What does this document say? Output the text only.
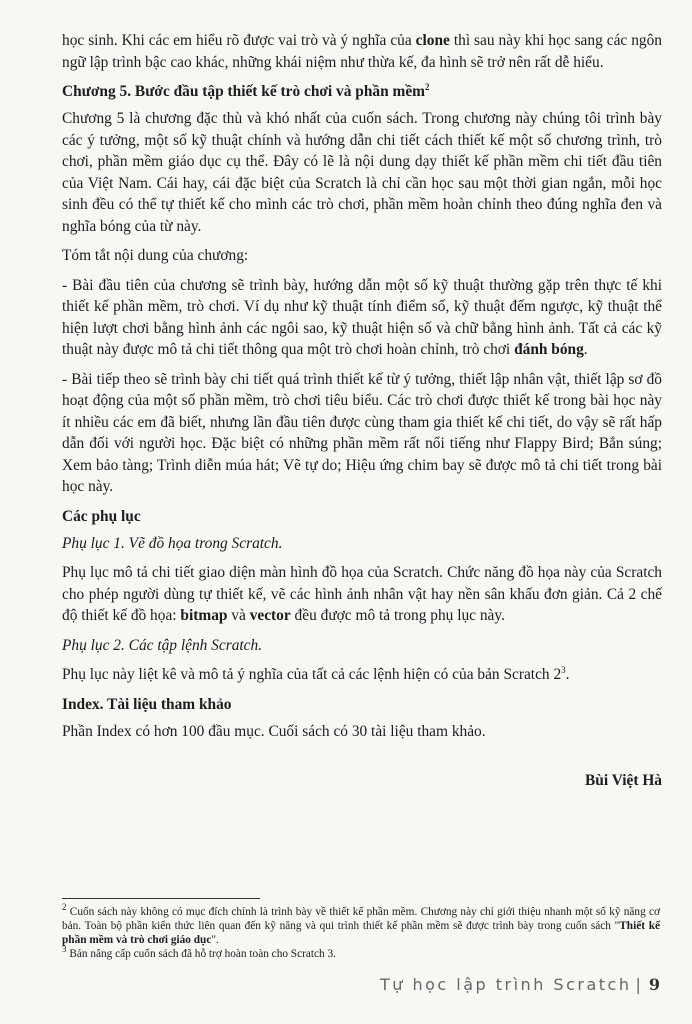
học sinh. Khi các em hiểu rõ được vai trò và ý nghĩa của clone thì sau này khi học sang các ngôn ngữ lập trình bậc cao khác, những khái niệm như thừa kế, đa hình sẽ trở nên rất dễ hiểu.

Chương 5. Bước đầu tập thiết kế trò chơi và phần mềm$^2$

Chương 5 là chương đặc thù và khó nhất của cuốn sách. Trong chương này chúng tôi trình bày các ý tưởng, một số kỹ thuật chính và hướng dẫn chi tiết cách thiết kế một số chương trình, trò chơi, phần mềm giáo dục cụ thể. Đây có lẽ là nội dung dạy thiết kế phần mềm chi tiết đầu tiên của Việt Nam. Cái hay, cái đặc biệt của Scratch là chỉ cần học sau một thời gian ngắn, mỗi học sinh đều có thể tự thiết kế cho mình các trò chơi, phần mềm hoàn chỉnh theo đúng nghĩa đen và nghĩa bóng của từ này.

Tóm tắt nội dung của chương:

- Bài đầu tiên của chương sẽ trình bày, hướng dẫn một số kỹ thuật thường gặp trên thực tế khi thiết kế phần mềm, trò chơi. Ví dụ như kỹ thuật tính điểm số, kỹ thuật đếm ngược, kỹ thuật thể hiện lượt chơi bằng hình ảnh các ngôi sao, kỹ thuật hiện số và chữ bằng hình ảnh. Tất cả các kỹ thuật này được mô tả chi tiết thông qua một trò chơi hoàn chỉnh, trò chơi đánh bóng.

- Bài tiếp theo sẽ trình bày chi tiết quá trình thiết kế từ ý tưởng, thiết lập nhân vật, thiết lập sơ đồ hoạt động của một số phần mềm, trò chơi tiêu biểu. Các trò chơi được thiết kế trong bài học này ít nhiều các em đã biết, nhưng lần đầu tiên được cùng tham gia thiết kế chi tiết, do vậy sẽ rất hấp dẫn đối với người học. Đặc biệt có những phần mềm rất nổi tiếng như Flappy Bird; Bắn súng; Xem bảo tàng; Trình diễn múa hát; Vẽ tự do; Hiệu ứng chim bay sẽ được mô tả chi tiết trong bài học này.

Các phụ lục

Phụ lục 1. Vẽ đồ họa trong Scratch.

Phụ lục mô tả chi tiết giao diện màn hình đồ họa của Scratch. Chức năng đồ họa này của Scratch cho phép người dùng tự thiết kế, vẽ các hình ảnh nhân vật hay nền sân khấu đơn giản. Cả 2 chế độ thiết kế đồ họa: bitmap và vector đều được mô tả trong phụ lục này.

Phụ lục 2. Các tập lệnh Scratch.

Phụ lục này liệt kê và mô tả ý nghĩa của tất cả các lệnh hiện có của bản Scratch $2^3$.

Index. Tài liệu tham khảo

Phần Index có hơn 100 đầu mục. Cuối sách có 30 tài liệu tham khảo.

Bùi Việt Hà

$^2$ Cuốn sách này không có mục đích chính là trình bày về thiết kế phần mềm. Chương này chỉ giới thiệu nhanh một số kỹ năng cơ bản. Toàn bộ phần kiến thức liên quan đến kỹ năng và qui trình thiết kế phần mềm sẽ được trình bày trong cuốn sách "Thiết kế phần mềm và trò chơi giáo dục".

$^3$ Bản nâng cấp cuốn sách đã hỗ trợ hoàn toàn cho Scratch 3.

Tự học lập trình Scratch | 9
